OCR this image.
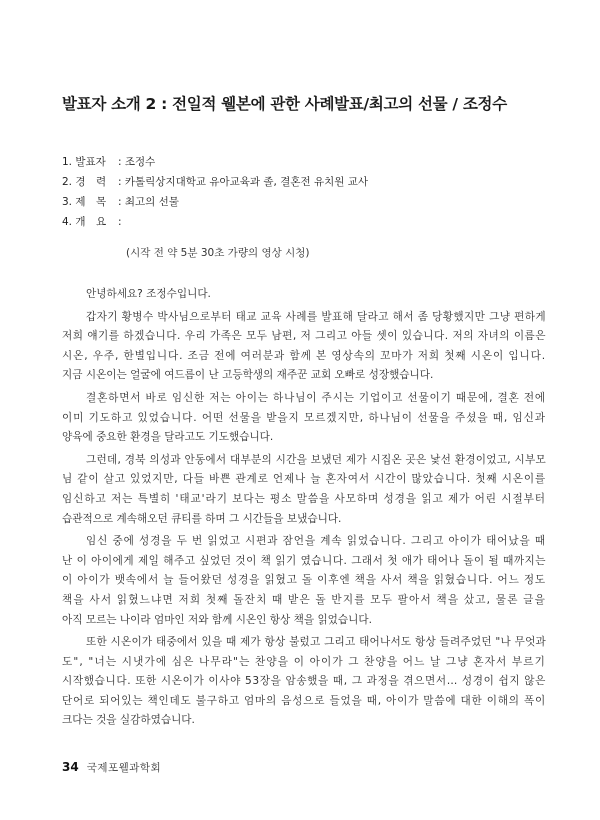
발표자 소개 2 : 전일적 웰본에 관한 사례발표/최고의 선물 / 조정수
1. 발표자	: 조정수
2. 경　력	: 카톨릭상지대학교 유아교육과 졸, 결혼전 유치원 교사
3. 제　목	: 최고의 선물
4. 개　요	:
(시작 전 약 5분 30초 가량의 영상 시청)

안녕하세요? 조정수입니다.

갑자기 황병수 박사님으로부터 태교 교육 사례를 발표해 달라고 해서 좀 당황했지만 그냥 편하게

저희 얘기를 하겠습니다. 우리 가족은 모두 남편, 저 그리고 아들 셋이 있습니다. 저의 자녀의 이름은

시온, 우주, 한별입니다. 조금 전에 여러분과 함께 본 영상속의 꼬마가 저희 첫째 시온이 입니다.

지금 시온이는 얼굴에 여드름이 난 고등학생의 재주꾼 교회 오빠로 성장했습니다.

결혼하면서 바로 임신한 저는 아이는 하나님이 주시는 기업이고 선물이기 때문에, 결혼 전에

이미 기도하고 있었습니다. 어떤 선물을 받을지 모르겠지만, 하나님이 선물을 주셨을 때, 임신과

양육에 중요한 환경을 달라고도 기도했습니다.

그런데, 경북 의성과 안동에서 대부분의 시간을 보냈던 제가 시집온 곳은 낯선 환경이었고, 시부모

님 같이 살고 있었지만, 다들 바쁜 관계로 언제나 늘 혼자여서 시간이 많았습니다. 첫째 시온이를

임신하고 저는 특별히 '태교'라기 보다는 평소 말씀을 사모하며 성경을 읽고 제가 어린 시절부터

습관적으로 계속해오던 큐티를 하며 그 시간들을 보냈습니다.

임신 중에 성경을 두 번 읽었고 시편과 잠언을 계속 읽었습니다. 그리고 아이가 태어났을 때

난 이 아이에게 제일 해주고 싶었던 것이 책 읽기 였습니다. 그래서 첫 애가 태어나 돌이 될 때까지는

이 아이가 뱃속에서 늘 들어왔던 성경을 읽혔고 돌 이후엔 책을 사서 책을 읽혔습니다. 어느 정도

책을 사서 읽혔느냐면 저희 첫째 돌잔치 때 받은 돌 반지를 모두 팔아서 책을 샀고, 물론 글을

아직 모르는 나이라 엄마인 저와 함께 시온인 항상 책을 읽었습니다.

또한 시온이가 태중에서 있을 때 제가 항상 불렀고 그리고 태어나서도 항상 들려주었던 "나 무엇과

도", "너는 시냇가에 심은 나무라"는 찬양을 이 아이가 그 찬양을 어느 날 그냥 혼자서 부르기

시작했습니다. 또한 시온이가 이사야 53장을 암송했을 때, 그 과정을 겪으면서… 성경이 쉽지 않은

단어로 되어있는 책인데도 불구하고 엄마의 음성으로 들었을 때, 아이가 말씀에 대한 이해의 폭이

크다는 것을 실감하였습니다.

34 국제포웰과학회
